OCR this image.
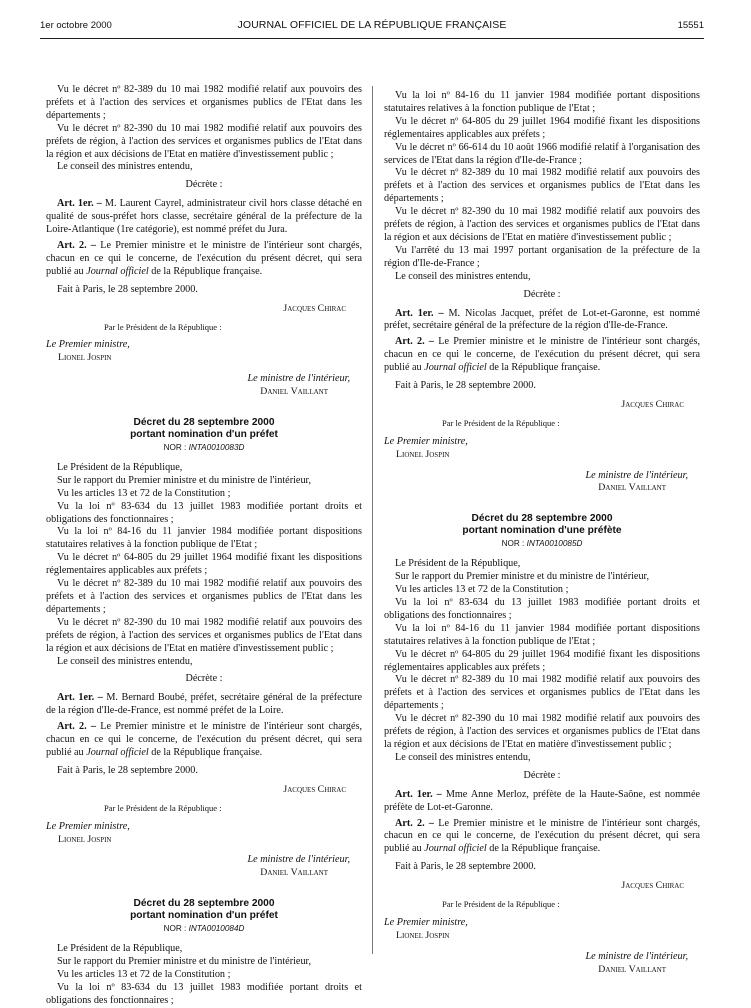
1er octobre 2000	JOURNAL OFFICIEL DE LA RÉPUBLIQUE FRANÇAISE	15551

Vu le décret nº 82-389 du 10 mai 1982 modifié relatif aux pouvoirs des préfets et à l'action des services et organismes publics de l'Etat dans les départements ;

Vu le décret nº 82-390 du 10 mai 1982 modifié relatif aux pouvoirs des préfets de région, à l'action des services et organismes publics de l'Etat dans la région et aux décisions de l'Etat en matière d'investissement public ;

Le conseil des ministres entendu,

Décrète :

Art. 1er. – M. Laurent Cayrel, administrateur civil hors classe détaché en qualité de sous-préfet hors classe, secrétaire général de la préfecture de la Loire-Atlantique (1re catégorie), est nommé préfet du Jura.

Art. 2. – Le Premier ministre et le ministre de l'intérieur sont chargés, chacun en ce qui le concerne, de l'exécution du présent décret, qui sera publié au Journal officiel de la République française.

Fait à Paris, le 28 septembre 2000.

Jacques Chirac
Par le Président de la République :
Le Premier ministre,
Lionel Jospin
Le ministre de l'intérieur,
Daniel Vaillant
Décret du 28 septembre 2000
portant nomination d'un préfet
NOR : INTA0010083D

Le Président de la République,

Sur le rapport du Premier ministre et du ministre de l'intérieur,

Vu les articles 13 et 72 de la Constitution ;

Vu la loi nº 83-634 du 13 juillet 1983 modifiée portant droits et obligations des fonctionnaires ;

Vu la loi nº 84-16 du 11 janvier 1984 modifiée portant dispositions statutaires relatives à la fonction publique de l'Etat ;

Vu le décret nº 64-805 du 29 juillet 1964 modifié fixant les dispositions réglementaires applicables aux préfets ;

Vu le décret nº 82-389 du 10 mai 1982 modifié relatif aux pouvoirs des préfets et à l'action des services et organismes publics de l'Etat dans les départements ;

Vu le décret nº 82-390 du 10 mai 1982 modifié relatif aux pouvoirs des préfets de région, à l'action des services et organismes publics de l'Etat dans la région et aux décisions de l'Etat en matière d'investissement public ;

Le conseil des ministres entendu,

Décrète :

Art. 1er. – M. Bernard Boubé, préfet, secrétaire général de la préfecture de la région d'Ile-de-France, est nommé préfet de la Loire.

Art. 2. – Le Premier ministre et le ministre de l'intérieur sont chargés, chacun en ce qui le concerne, de l'exécution du présent décret, qui sera publié au Journal officiel de la République française.

Fait à Paris, le 28 septembre 2000.

Jacques Chirac
Par le Président de la République :
Le Premier ministre,
Lionel Jospin
Le ministre de l'intérieur,
Daniel Vaillant
Décret du 28 septembre 2000
portant nomination d'un préfet
NOR : INTA0010084D

Le Président de la République,

Sur le rapport du Premier ministre et du ministre de l'intérieur,

Vu les articles 13 et 72 de la Constitution ;

Vu la loi nº 83-634 du 13 juillet 1983 modifiée portant droits et obligations des fonctionnaires ;

Vu la loi nº 84-16 du 11 janvier 1984 modifiée portant dispositions statutaires relatives à la fonction publique de l'Etat ;

Vu le décret nº 64-805 du 29 juillet 1964 modifié fixant les dispositions réglementaires applicables aux préfets ;

Vu le décret nº 66-614 du 10 août 1966 modifié relatif à l'organisation des services de l'Etat dans la région d'Ile-de-France ;

Vu le décret nº 82-389 du 10 mai 1982 modifié relatif aux pouvoirs des préfets et à l'action des services et organismes publics de l'Etat dans les départements ;

Vu le décret nº 82-390 du 10 mai 1982 modifié relatif aux pouvoirs des préfets de région, à l'action des services et organismes publics de l'Etat dans la région et aux décisions de l'Etat en matière d'investissement public ;

Vu l'arrêté du 13 mai 1997 portant organisation de la préfecture de la région d'Ile-de-France ;

Le conseil des ministres entendu,

Décrète :

Art. 1er. – M. Nicolas Jacquet, préfet de Lot-et-Garonne, est nommé préfet, secrétaire général de la préfecture de la région d'Ile-de-France.

Art. 2. – Le Premier ministre et le ministre de l'intérieur sont chargés, chacun en ce qui le concerne, de l'exécution du présent décret, qui sera publié au Journal officiel de la République française.

Fait à Paris, le 28 septembre 2000.

Jacques Chirac
Par le Président de la République :
Le Premier ministre,
Lionel Jospin
Le ministre de l'intérieur,
Daniel Vaillant
Décret du 28 septembre 2000
portant nomination d'une préfète
NOR : INTA0010085D

Le Président de la République,

Sur le rapport du Premier ministre et du ministre de l'intérieur,

Vu les articles 13 et 72 de la Constitution ;

Vu la loi nº 83-634 du 13 juillet 1983 modifiée portant droits et obligations des fonctionnaires ;

Vu la loi nº 84-16 du 11 janvier 1984 modifiée portant dispositions statutaires relatives à la fonction publique de l'Etat ;

Vu le décret nº 64-805 du 29 juillet 1964 modifié fixant les dispositions réglementaires applicables aux préfets ;

Vu le décret nº 82-389 du 10 mai 1982 modifié relatif aux pouvoirs des préfets et à l'action des services et organismes publics de l'Etat dans les départements ;

Vu le décret nº 82-390 du 10 mai 1982 modifié relatif aux pouvoirs des préfets de région, à l'action des services et organismes publics de l'Etat dans la région et aux décisions de l'Etat en matière d'investissement public ;

Le conseil des ministres entendu,

Décrète :

Art. 1er. – Mme Anne Merloz, préfète de la Haute-Saône, est nommée préfète de Lot-et-Garonne.

Art. 2. – Le Premier ministre et le ministre de l'intérieur sont chargés, chacun en ce qui le concerne, de l'exécution du présent décret, qui sera publié au Journal officiel de la République française.

Fait à Paris, le 28 septembre 2000.

Jacques Chirac
Par le Président de la République :
Le Premier ministre,
Lionel Jospin
Le ministre de l'intérieur,
Daniel Vaillant
